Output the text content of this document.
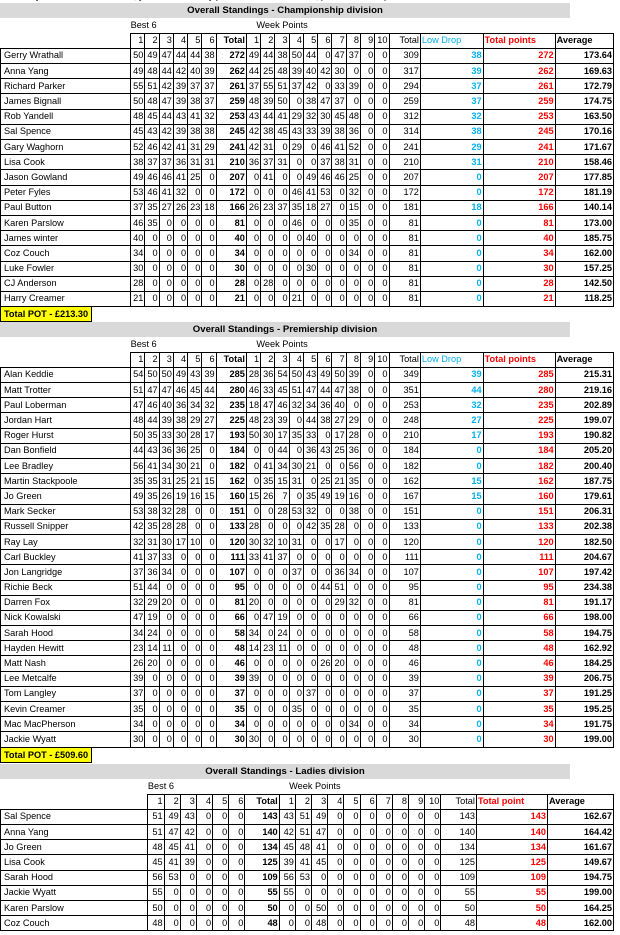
Overall Standings - Championship division
	Best 6							Week Points													
	1	2	3	4	5	6	Total	1	2	3	4	5	6	7	8	9	10	Total	Low Drop	Total points	Average
Gerry Wrathall	50	49	47	44	44	38	272	49	44	38	50	44	0	47	37	0	0	309	38	272	173.64
Anna Yang	49	48	44	42	40	39	262	44	25	48	39	40	42	30	0	0	0	317	39	262	169.63
Richard Parker	55	51	42	39	37	37	261	37	55	51	37	42	0	33	39	0	0	294	37	261	172.79
James Bignall	50	48	47	39	38	37	259	48	39	50	0	38	47	37	0	0	0	259	37	259	174.75
Rob Yandell	48	45	44	43	41	32	253	43	44	41	29	32	30	45	48	0	0	312	32	253	163.50
Sal Spence	45	43	42	39	38	38	245	42	38	45	43	33	39	38	36	0	0	314	38	245	170.16
Gary Waghorn	52	46	42	41	31	29	241	42	31	0	29	0	46	41	52	0	0	241	29	241	171.67
Lisa Cook	38	37	37	36	31	31	210	36	37	31	0	0	37	38	31	0	0	210	31	210	158.46
Jason Gowland	49	46	46	41	25	0	207	0	41	0	0	49	46	46	25	0	0	207	0	207	177.85
Peter Fyles	53	46	41	32	0	0	172	0	0	0	46	41	53	0	32	0	0	172	0	172	181.19
Paul Button	37	35	27	26	23	18	166	26	23	37	35	18	27	0	15	0	0	181	18	166	140.14
Karen Parslow	46	35	0	0	0	0	81	0	0	0	46	0	0	0	35	0	0	81	0	81	173.00
James winter	40	0	0	0	0	0	40	0	0	0	0	40	0	0	0	0	0	81	0	40	185.75
Coz Couch	34	0	0	0	0	0	34	0	0	0	0	0	0	0	34	0	0	81	0	34	162.00
Luke Fowler	30	0	0	0	0	0	30	0	0	0	0	30	0	0	0	0	0	81	0	30	157.25
CJ Anderson	28	0	0	0	0	0	28	0	28	0	0	0	0	0	0	0	0	81	0	28	142.50
Harry Creamer	21	0	0	0	0	0	21	0	0	0	21	0	0	0	0	0	0	81	0	21	118.25
Total POT - £213.30
Overall Standings - Premiership division
	Best 6							Week Points													
	1	2	3	4	5	6	Total	1	2	3	4	5	6	7	8	9	10	Total	Low Drop	Total points	Average
Alan Keddie	54	50	50	49	43	39	285	28	36	54	50	43	49	50	39	0	0	349	39	285	215.31
Matt Trotter	51	47	47	46	45	44	280	46	33	45	51	47	44	47	38	0	0	351	44	280	219.16
Paul Loberman	47	46	40	36	34	32	235	18	47	46	32	34	36	40	0	0	0	253	32	235	202.89
Jordan Hart	48	44	39	38	29	27	225	48	23	39	0	44	38	27	29	0	0	248	27	225	199.07
Roger Hurst	50	35	33	30	28	17	193	50	30	17	35	33	0	17	28	0	0	210	17	193	190.82
Dan Bonfield	44	43	36	36	25	0	184	0	0	44	0	36	43	25	36	0	0	184	0	184	205.20
Lee Bradley	56	41	34	30	21	0	182	0	41	34	30	21	0	0	56	0	0	182	0	182	200.40
Martin Stackpoole	35	35	31	25	21	15	162	0	35	15	31	0	25	21	35	0	0	162	15	162	187.75
Jo Green	49	35	26	19	16	15	160	15	26	7	0	35	49	19	16	0	0	167	15	160	179.61
Mark Secker	53	38	32	28	0	0	151	0	0	28	53	32	0	0	38	0	0	151	0	151	206.31
Russell Snipper	42	35	28	28	0	0	133	28	0	0	0	42	35	28	0	0	0	133	0	133	202.38
Ray Lay	32	31	30	17	10	0	120	30	32	10	31	0	0	17	0	0	0	120	0	120	182.50
Carl Buckley	41	37	33	0	0	0	111	33	41	37	0	0	0	0	0	0	0	111	0	111	204.67
Jon Langridge	37	36	34	0	0	0	107	0	0	0	37	0	0	36	34	0	0	107	0	107	197.42
Richie Beck	51	44	0	0	0	0	95	0	0	0	0	0	44	51	0	0	0	95	0	95	234.38
Darren Fox	32	29	20	0	0	0	81	20	0	0	0	0	0	29	32	0	0	81	0	81	191.17
Nick Kowalski	47	19	0	0	0	0	66	0	47	19	0	0	0	0	0	0	0	66	0	66	198.00
Sarah Hood	34	24	0	0	0	0	58	34	0	24	0	0	0	0	0	0	0	58	0	58	194.75
Hayden Hewitt	23	14	11	0	0	0	48	14	23	11	0	0	0	0	0	0	0	48	0	48	162.92
Matt Nash	26	20	0	0	0	0	46	0	0	0	0	0	26	20	0	0	0	46	0	46	184.25
Lee Metcalfe	39	0	0	0	0	0	39	39	0	0	0	0	0	0	0	0	0	39	0	39	206.75
Tom Langley	37	0	0	0	0	0	37	0	0	0	0	37	0	0	0	0	0	37	0	37	191.25
Kevin Creamer	35	0	0	0	0	0	35	0	0	0	35	0	0	0	0	0	0	35	0	35	195.25
Mac MacPherson	34	0	0	0	0	0	34	0	0	0	0	0	0	0	34	0	0	34	0	34	191.75
Jackie Wyatt	30	0	0	0	0	0	30	30	0	0	0	0	0	0	0	0	0	30	0	30	199.00
Total POT - £509.60
Overall Standings - Ladies division
	Best 6							Week Points												
	1	2	3	4	5	6	Total	1	2	3	4	5	6	7	8	9	10	Total	Total point	Average
Sal Spence	51	49	43	0	0	0	143	43	51	49	0	0	0	0	0	0	0	143	143	162.67
Anna Yang	51	47	42	0	0	0	140	42	51	47	0	0	0	0	0	0	0	140	140	164.42
Jo Green	48	45	41	0	0	0	134	45	48	41	0	0	0	0	0	0	0	134	134	161.67
Lisa Cook	45	41	39	0	0	0	125	39	41	45	0	0	0	0	0	0	0	125	125	149.67
Sarah Hood	56	53	0	0	0	0	109	56	53	0	0	0	0	0	0	0	0	109	109	194.75
Jackie Wyatt	55	0	0	0	0	0	55	55	0	0	0	0	0	0	0	0	0	55	55	199.00
Karen Parslow	50	0	0	0	0	0	50	0	0	50	0	0	0	0	0	0	0	50	50	164.25
Coz Couch	48	0	0	0	0	0	48	0	0	48	0	0	0	0	0	0	0	48	48	162.00
